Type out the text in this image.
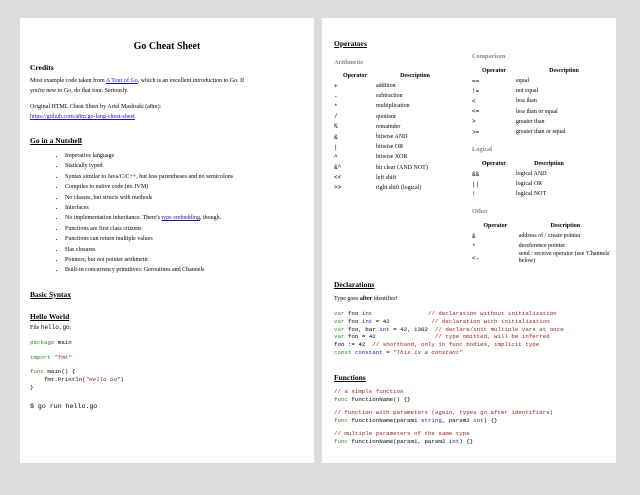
Go Cheat Sheet
Credits
Most example code taken from A Tour of Go, which is an excellent introduction to Go. If
you're new to Go, do that tour. Seriously.
Original HTML Cheat Sheet by Ariel Mashraki (a8m):
https://github.com/a8m/go-lang-cheat-sheet
Go in a Nutshell
• Imperative language
• Statically typed
• Syntax similar to Java/C/C++, but less parentheses and no semicolons
• Compiles to native code (no JVM)
• No classes, but structs with methods
• Interfaces
• No implementation inheritance. There's type embedding, though.
• Functions are first class citizens
• Functions can return multiple values
• Has closures
• Pointers, but not pointer arithmetic
• Built-in concurrency primitives: Goroutines and Channels
Basic Syntax
Hello World
File hello.go:
package main
import "fmt"
func main() {
fmt.Println("Hello Go")
}
$ go run hello.go
Operators
Arithmetic
Operator	Description
+	addition
-	subtraction
*	multiplication
/	quotient
%	remainder
&	bitwise AND
|	bitwise OR
^	bitwise XOR
&^	bit clear (AND NOT)
<<	left shift
>>	right shift (logical)
Comparison
Operator	Description
==	equal
!=	not equal
<	less than
<=	less than or equal
>	greater than
>=	greater than or equal
Logical
Operator	Description
&&	logical AND
||	logical OR
!	logical NOT
Other
Operator	Description
&	address of / create pointer
*	dereference pointer
<-	send / receive operator (see 'Channels' below)
Declarations
Type goes after identifier!
var foo int	// declaration without initialization
var foo int = 42            // declaration with initialization
var foo, bar int = 42, 1302  // declare/init multiple vars at once
var foo = 42	// type omitted, will be inferred
foo := 42  // shorthand, only in func bodies, implicit type
const constant = "This is a constant"
Functions
// a simple function
func functionName() {}
// function with parameters (again, types go after identifiers)
func functionName(param1 string, param2 int) {}
// multiple parameters of the same type
func functionName(param1, param2 int) {}
